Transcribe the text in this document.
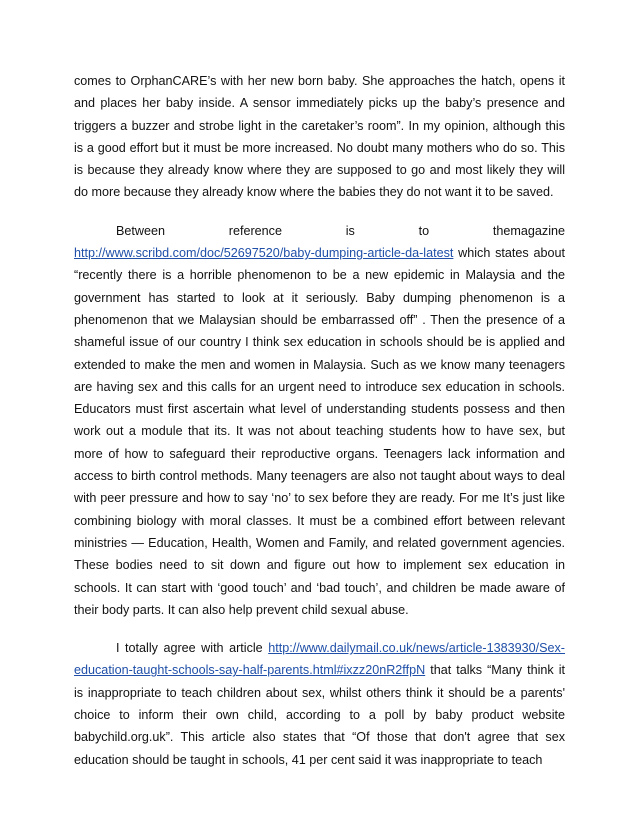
comes to OrphanCARE’s with her new born baby. She approaches the hatch, opens it and places her baby inside. A sensor immediately picks up the baby’s presence and triggers a buzzer and strobe light in the caretaker’s room”. In my opinion, although this is a good effort but it must be more increased. No doubt many mothers who do so. This is because they already know where they are supposed to go and most likely they will do more because they already know where the babies they do not want it to be saved.

Between reference is to themagazine http://www.scribd.com/doc/52697520/baby-dumping-article-da-latest which states about “recently there is a horrible phenomenon to be a new epidemic in Malaysia and the government has started to look at it seriously. Baby dumping phenomenon is a phenomenon that we Malaysian should be embarrassed off” . Then the presence of a shameful issue of our country I think sex education in schools should be is applied and extended to make the men and women in Malaysia. Such as we know many teenagers are having sex and this calls for an urgent need to introduce sex education in schools. Educators must first ascertain what level of understanding students possess and then work out a module that its. It was not about teaching students how to have sex, but more of how to safeguard their reproductive organs. Teenagers lack information and access to birth control methods. Many teenagers are also not taught about ways to deal with peer pressure and how to say ‘no’ to sex before they are ready. For me It’s just like combining biology with moral classes. It must be a combined effort between relevant ministries — Education, Health, Women and Family, and related government agencies. These bodies need to sit down and figure out how to implement sex education in schools. It can start with ‘good touch’ and ‘bad touch’, and children be made aware of their body parts. It can also help prevent child sexual abuse.

I totally agree with article http://www.dailymail.co.uk/news/article-1383930/Sex-education-taught-schools-say-half-parents.html#ixzz20nR2ffpN that talks “Many think it is inappropriate to teach children about sex, whilst others think it should be a parents' choice to inform their own child, according to a poll by baby product website babychild.org.uk”. This article also states that “Of those that don't agree that sex education should be taught in schools, 41 per cent said it was inappropriate to teach
